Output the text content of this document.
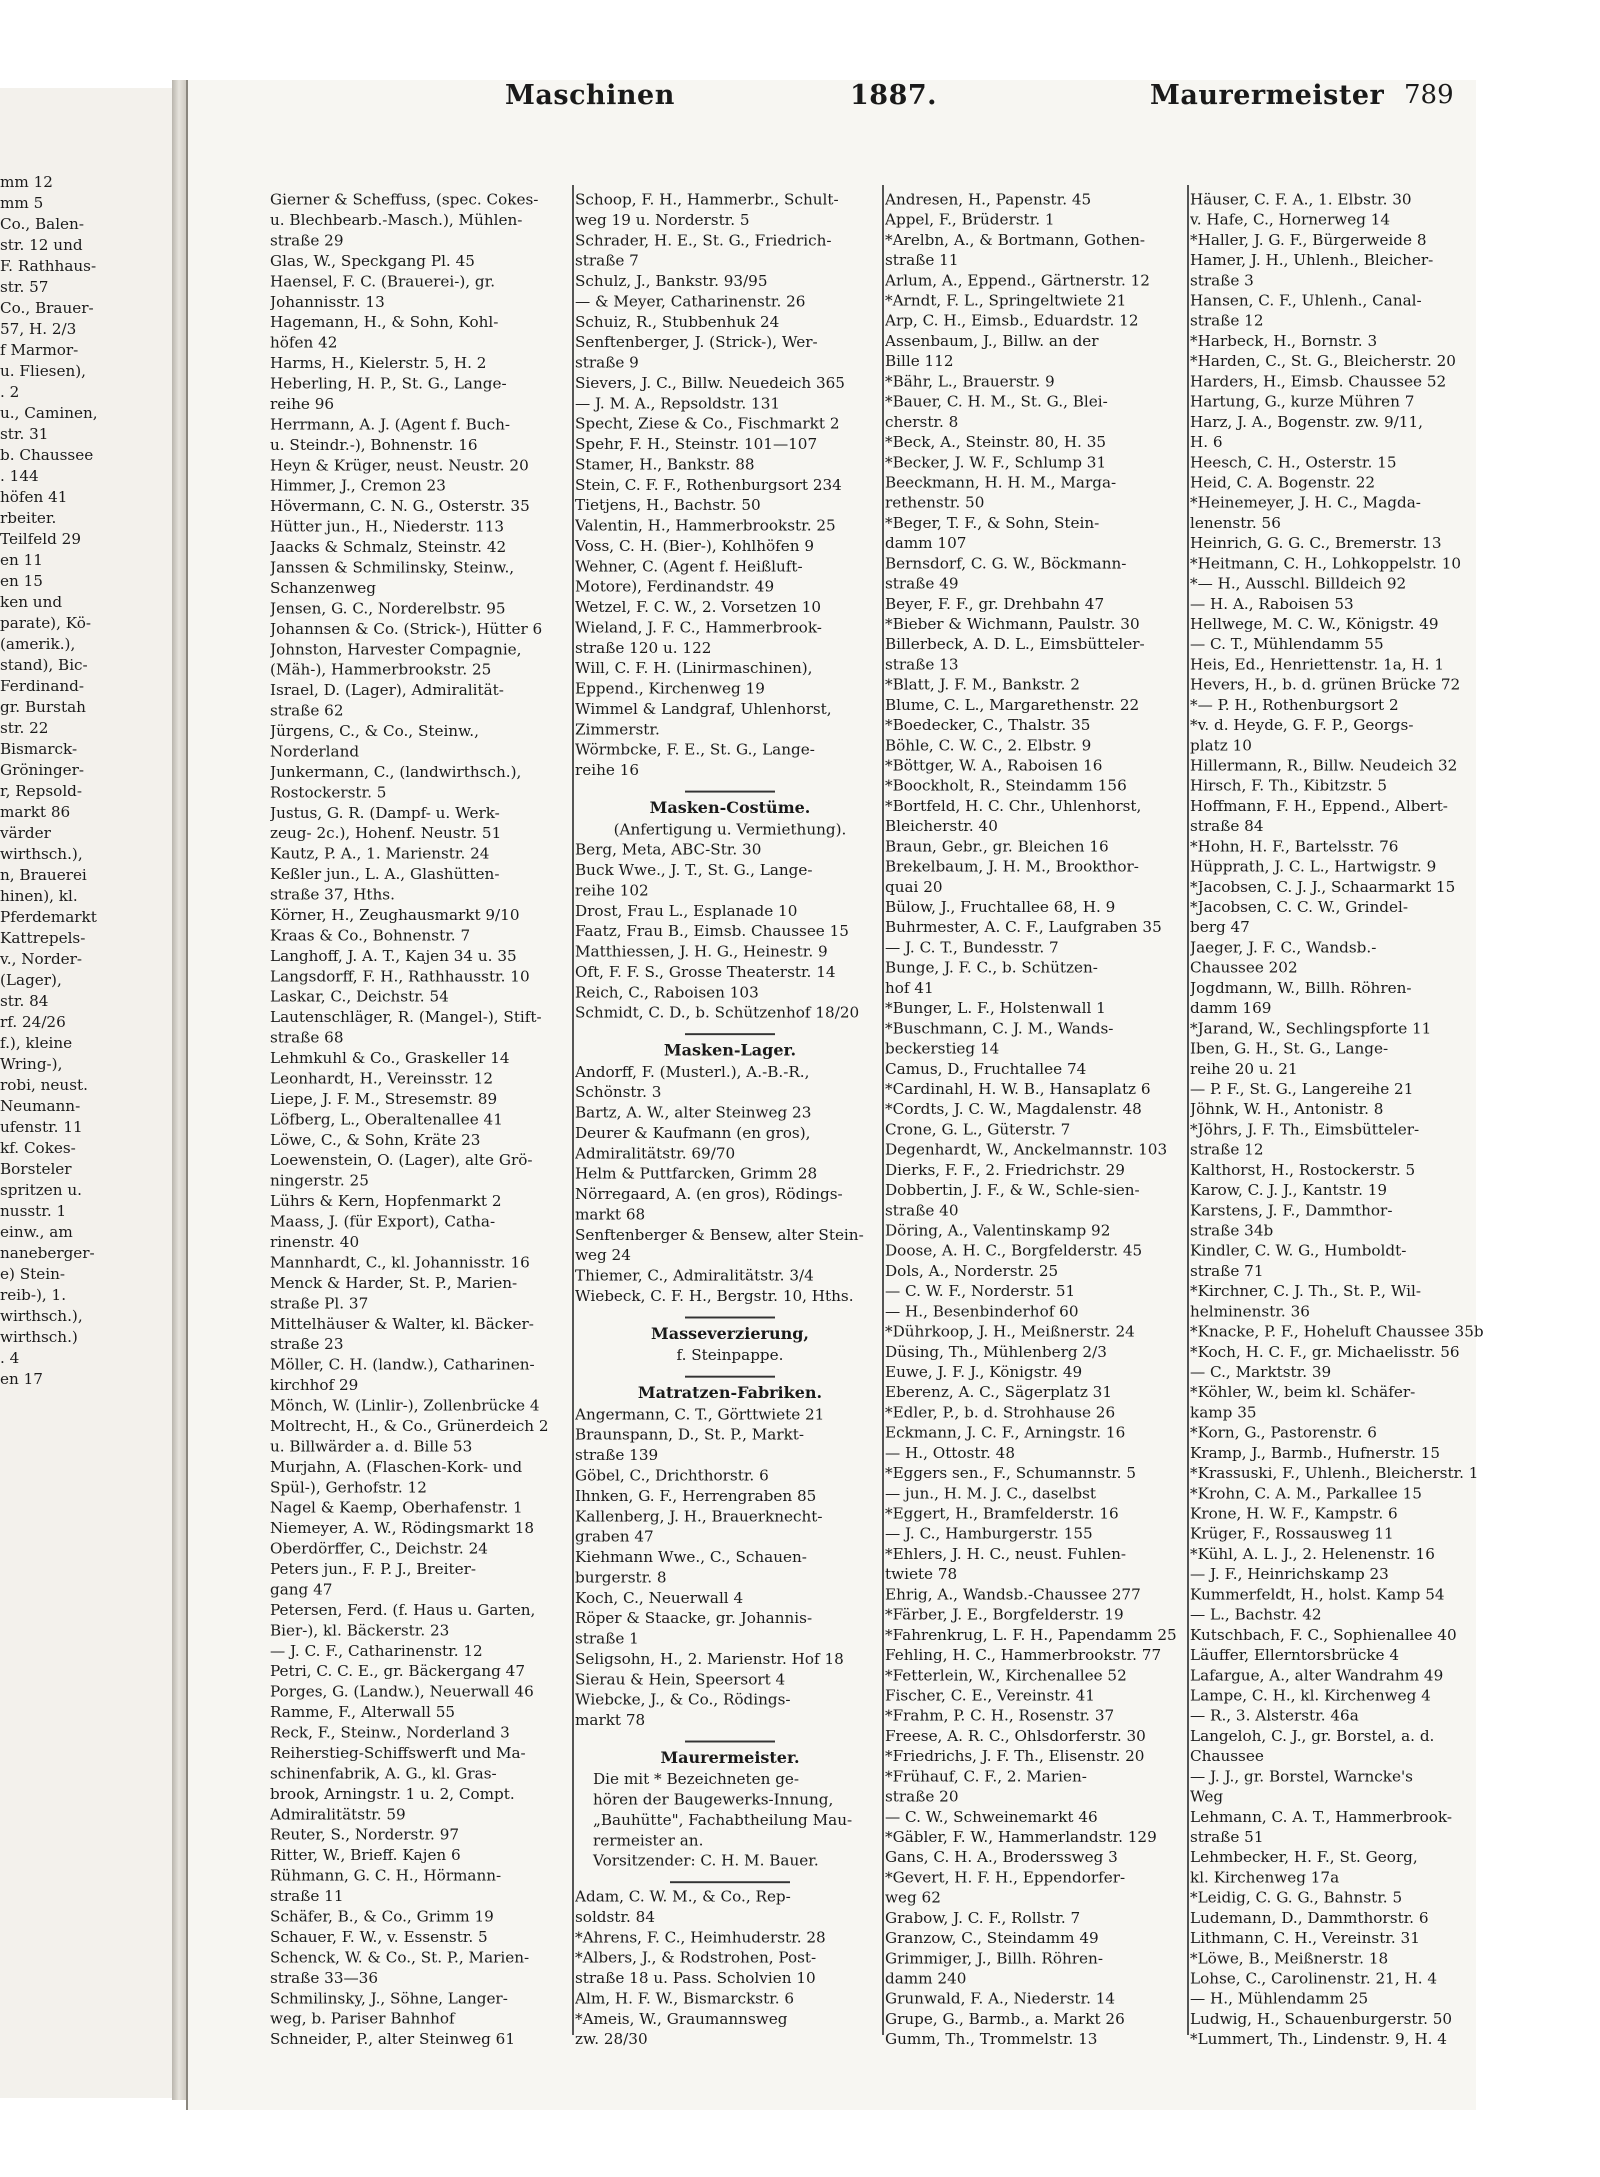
mm 12
mm 5
Co., Balen-
str. 12 und
F. Rathhaus-
str. 57
Co., Brauer-
57, H. 2/3
f Marmor-
u. Fliesen),
. 2
u., Caminen,
str. 31
b. Chaussee
. 144
höfen 41
rbeiter.
Teilfeld 29
en 11
en 15
ken und
parate), Kö-
(amerik.),
stand), Bic-
Ferdinand-
gr. Burstah
str. 22
Bismarck-
Gröninger-
r, Repsold-
markt 86
värder
wirthsch.),
n, Brauerei
hinen), kl.
Pferdemarkt
Kattrepels-
v., Norder-
(Lager),
str. 84
rf. 24/26
f.), kleine
Wring-),
robi, neust.
Neumann-
ufenstr. 11
kf. Cokes-
Borsteler
spritzen u.
nusstr. 1
einw., am
naneberger-
e) Stein-
reib-), 1.
wirthsch.),
wirthsch.)
. 4
en 17
Maschinen	1887.	Maurermeister 789
Gierner & Scheffuss, (spec. Cokes-
u. Blechbearb.-Masch.), Mühlen-
straße 29
Glas, W., Speckgang Pl. 45
Haensel, F. C. (Brauerei-), gr.
Johannisstr. 13
Hagemann, H., & Sohn, Kohl-
höfen 42
Harms, H., Kielerstr. 5, H. 2
Heberling, H. P., St. G., Lange-
reihe 96
Herrmann, A. J. (Agent f. Buch-
u. Steindr.-), Bohnenstr. 16
Heyn & Krüger, neust. Neustr. 20
Himmer, J., Cremon 23
Hövermann, C. N. G., Osterstr. 35
Hütter jun., H., Niederstr. 113
Jaacks & Schmalz, Steinstr. 42
Janssen & Schmilinsky, Steinw.,
Schanzenweg
Jensen, G. C., Norderelbstr. 95
Johannsen & Co. (Strick-), Hütter 6
Johnston, Harvester Compagnie,
(Mäh-), Hammerbrookstr. 25
Israel, D. (Lager), Admiralität-
straße 62
Jürgens, C., & Co., Steinw.,
Norderland
Junkermann, C., (landwirthsch.),
Rostockerstr. 5
Justus, G. R. (Dampf- u. Werk-
zeug- 2c.), Hohenf. Neustr. 51
Kautz, P. A., 1. Marienstr. 24
Keßler jun., L. A., Glashütten-
straße 37, Hths.
Körner, H., Zeughausmarkt 9/10
Kraas & Co., Bohnenstr. 7
Langhoff, J. A. T., Kajen 34 u. 35
Langsdorff, F. H., Rathhausstr. 10
Laskar, C., Deichstr. 54
Lautenschläger, R. (Mangel-), Stift-
straße 68
Lehmkuhl & Co., Graskeller 14
Leonhardt, H., Vereinsstr. 12
Liepe, J. F. M., Stresemstr. 89
Löfberg, L., Oberaltenallee 41
Löwe, C., & Sohn, Kräte 23
Loewenstein, O. (Lager), alte Grö-
ningerstr. 25
Lührs & Kern, Hopfenmarkt 2
Maass, J. (für Export), Catha-
rinenstr. 40
Mannhardt, C., kl. Johannisstr. 16
Menck & Harder, St. P., Marien-
straße Pl. 37
Mittelhäuser & Walter, kl. Bäcker-
straße 23
Möller, C. H. (landw.), Catharinen-
kirchhof 29
Mönch, W. (Linlir-), Zollenbrücke 4
Moltrecht, H., & Co., Grünerdeich 2
u. Billwärder a. d. Bille 53
Murjahn, A. (Flaschen-Kork- und
Spül-), Gerhofstr. 12
Nagel & Kaemp, Oberhafenstr. 1
Niemeyer, A. W., Rödingsmarkt 18
Oberdörffer, C., Deichstr. 24
Peters jun., F. P. J., Breiter-
gang 47
Petersen, Ferd. (f. Haus u. Garten,
Bier-), kl. Bäckerstr. 23
— J. C. F., Catharinenstr. 12
Petri, C. C. E., gr. Bäckergang 47
Porges, G. (Landw.), Neuerwall 46
Ramme, F., Alterwall 55
Reck, F., Steinw., Norderland 3
Reiherstieg-Schiffswerft und Ma-
schinenfabrik, A. G., kl. Gras-
brook, Arningstr. 1 u. 2, Compt.
Admiralitätstr. 59
Reuter, S., Norderstr. 97
Ritter, W., Brieff. Kajen 6
Rühmann, G. C. H., Hörmann-
straße 11
Schäfer, B., & Co., Grimm 19
Schauer, F. W., v. Essenstr. 5
Schenck, W. & Co., St. P., Marien-
straße 33—36
Schmilinsky, J., Söhne, Langer-
weg, b. Pariser Bahnhof
Schneider, P., alter Steinweg 61
Schoop, F. H., Hammerbr., Schult-
weg 19 u. Norderstr. 5
Schrader, H. E., St. G., Friedrich-
straße 7
Schulz, J., Bankstr. 93/95
— & Meyer, Catharinenstr. 26
Schuiz, R., Stubbenhuk 24
Senftenberger, J. (Strick-), Wer-
straße 9
Sievers, J. C., Billw. Neuedeich 365
— J. M. A., Repsoldstr. 131
Specht, Ziese & Co., Fischmarkt 2
Spehr, F. H., Steinstr. 101—107
Stamer, H., Bankstr. 88
Stein, C. F. F., Rothenburgsort 234
Tietjens, H., Bachstr. 50
Valentin, H., Hammerbrookstr. 25
Voss, C. H. (Bier-), Kohlhöfen 9
Wehner, C. (Agent f. Heißluft-
Motore), Ferdinandstr. 49
Wetzel, F. C. W., 2. Vorsetzen 10
Wieland, J. F. C., Hammerbrook-
straße 120 u. 122
Will, C. F. H. (Linirmaschinen),
Eppend., Kirchenweg 19
Wimmel & Landgraf, Uhlenhorst,
Zimmerstr.
Wörmbcke, F. E., St. G., Lange-
reihe 16
Masken-Costüme.
(Anfertigung u. Vermiethung).
Berg, Meta, ABC-Str. 30
Buck Wwe., J. T., St. G., Lange-
reihe 102
Drost, Frau L., Esplanade 10
Faatz, Frau B., Eimsb. Chaussee 15
Matthiessen, J. H. G., Heinestr. 9
Oft, F. F. S., Grosse Theaterstr. 14
Reich, C., Raboisen 103
Schmidt, C. D., b. Schützenhof 18/20
Masken-Lager.
Andorff, F. (Musterl.), A.-B.-R.,
Schönstr. 3
Bartz, A. W., alter Steinweg 23
Deurer & Kaufmann (en gros),
Admiralitätstr. 69/70
Helm & Puttfarcken, Grimm 28
Nörregaard, A. (en gros), Rödings-
markt 68
Senftenberger & Bensew, alter Stein-
weg 24
Thiemer, C., Admiralitätstr. 3/4
Wiebeck, C. F. H., Bergstr. 10, Hths.
Masseverzierung,
f. Steinpappe.
Matratzen-Fabriken.
Angermann, C. T., Görttwiete 21
Braunspann, D., St. P., Markt-
straße 139
Göbel, C., Drichthorstr. 6
Ihnken, G. F., Herrengraben 85
Kallenberg, J. H., Brauerknecht-
graben 47
Kiehmann Wwe., C., Schauen-
burgerstr. 8
Koch, C., Neuerwall 4
Röper & Staacke, gr. Johannis-
straße 1
Seligsohn, H., 2. Marienstr. Hof 18
Sierau & Hein, Speersort 4
Wiebcke, J., & Co., Rödings-
markt 78
Maurermeister.
Die mit * Bezeichneten ge-
hören der Baugewerks-Innung,
„Bauhütte", Fachabtheilung Mau-
rermeister an.
Vorsitzender: C. H. M. Bauer.
Adam, C. W. M., & Co., Rep-
soldstr. 84
*Ahrens, F. C., Heimhuderstr. 28
*Albers, J., & Rodstrohen, Post-
straße 18 u. Pass. Scholvien 10
Alm, H. F. W., Bismarckstr. 6
*Ameis, W., Graumannsweg
zw. 28/30
Andresen, H., Papenstr. 45
Appel, F., Brüderstr. 1
*Arelbn, A., & Bortmann, Gothen-
straße 11
Arlum, A., Eppend., Gärtnerstr. 12
*Arndt, F. L., Springeltwiete 21
Arp, C. H., Eimsb., Eduardstr. 12
Assenbaum, J., Billw. an der
Bille 112
*Bähr, L., Brauerstr. 9
*Bauer, C. H. M., St. G., Blei-
cherstr. 8
*Beck, A., Steinstr. 80, H. 35
*Becker, J. W. F., Schlump 31
Beeckmann, H. H. M., Marga-
rethenstr. 50
*Beger, T. F., & Sohn, Stein-
damm 107
Bernsdorf, C. G. W., Böckmann-
straße 49
Beyer, F. F., gr. Drehbahn 47
*Bieber & Wichmann, Paulstr. 30
Billerbeck, A. D. L., Eimsbütteler-
straße 13
*Blatt, J. F. M., Bankstr. 2
Blume, C. L., Margarethenstr. 22
*Boedecker, C., Thalstr. 35
Böhle, C. W. C., 2. Elbstr. 9
*Böttger, W. A., Raboisen 16
*Boockholt, R., Steindamm 156
*Bortfeld, H. C. Chr., Uhlenhorst,
Bleicherstr. 40
Braun, Gebr., gr. Bleichen 16
Brekelbaum, J. H. M., Brookthor-
quai 20
Bülow, J., Fruchtallee 68, H. 9
Buhrmester, A. C. F., Laufgraben 35
— J. C. T., Bundesstr. 7
Bunge, J. F. C., b. Schützen-
hof 41
*Bunger, L. F., Holstenwall 1
*Buschmann, C. J. M., Wands-
beckerstieg 14
Camus, D., Fruchtallee 74
*Cardinahl, H. W. B., Hansaplatz 6
*Cordts, J. C. W., Magdalenstr. 48
Crone, G. L., Güterstr. 7
Degenhardt, W., Anckelmannstr. 103
Dierks, F. F., 2. Friedrichstr. 29
Dobbertin, J. F., & W., Schle-sien-
straße 40
Döring, A., Valentinskamp 92
Doose, A. H. C., Borgfelderstr. 45
Dols, A., Norderstr. 25
— C. W. F., Norderstr. 51
— H., Besenbinderhof 60
*Dührkoop, J. H., Meißnerstr. 24
Düsing, Th., Mühlenberg 2/3
Euwe, J. F. J., Königstr. 49
Eberenz, A. C., Sägerplatz 31
*Edler, P., b. d. Strohhause 26
Eckmann, J. C. F., Arningstr. 16
— H., Ottostr. 48
*Eggers sen., F., Schumannstr. 5
— jun., H. M. J. C., daselbst
*Eggert, H., Bramfelderstr. 16
— J. C., Hamburgerstr. 155
*Ehlers, J. H. C., neust. Fuhlen-
twiete 78
Ehrig, A., Wandsb.-Chaussee 277
*Färber, J. E., Borgfelderstr. 19
*Fahrenkrug, L. F. H., Papendamm 25
Fehling, H. C., Hammerbrookstr. 77
*Fetterlein, W., Kirchenallee 52
Fischer, C. E., Vereinstr. 41
*Frahm, P. C. H., Rosenstr. 37
Freese, A. R. C., Ohlsdorferstr. 30
*Friedrichs, J. F. Th., Elisenstr. 20
*Frühauf, C. F., 2. Marien-
straße 20
— C. W., Schweinemarkt 46
*Gäbler, F. W., Hammerlandstr. 129
Gans, C. H. A., Broderssweg 3
*Gevert, H. F. H., Eppendorfer-
weg 62
Grabow, J. C. F., Rollstr. 7
Granzow, C., Steindamm 49
Grimmiger, J., Billh. Röhren-
damm 240
Grunwald, F. A., Niederstr. 14
Grupe, G., Barmb., a. Markt 26
Gumm, Th., Trommelstr. 13
Häuser, C. F. A., 1. Elbstr. 30
v. Hafe, C., Hornerweg 14
*Haller, J. G. F., Bürgerweide 8
Hamer, J. H., Uhlenh., Bleicher-
straße 3
Hansen, C. F., Uhlenh., Canal-
straße 12
*Harbeck, H., Bornstr. 3
*Harden, C., St. G., Bleicherstr. 20
Harders, H., Eimsb. Chaussee 52
Hartung, G., kurze Mühren 7
Harz, J. A., Bogenstr. zw. 9/11,
H. 6
Heesch, C. H., Osterstr. 15
Heid, C. A. Bogenstr. 22
*Heinemeyer, J. H. C., Magda-
lenenstr. 56
Heinrich, G. G. C., Bremerstr. 13
*Heitmann, C. H., Lohkoppelstr. 10
*— H., Ausschl. Billdeich 92
— H. A., Raboisen 53
Hellwege, M. C. W., Königstr. 49
— C. T., Mühlendamm 55
Heis, Ed., Henriettenstr. 1a, H. 1
Hevers, H., b. d. grünen Brücke 72
*— P. H., Rothenburgsort 2
*v. d. Heyde, G. F. P., Georgs-
platz 10
Hillermann, R., Billw. Neudeich 32
Hirsch, F. Th., Kibitzstr. 5
Hoffmann, F. H., Eppend., Albert-
straße 84
*Hohn, H. F., Bartelsstr. 76
Hüpprath, J. C. L., Hartwigstr. 9
*Jacobsen, C. J. J., Schaarmarkt 15
*Jacobsen, C. C. W., Grindel-
berg 47
Jaeger, J. F. C., Wandsb.-
Chaussee 202
Jogdmann, W., Billh. Röhren-
damm 169
*Jarand, W., Sechlingspforte 11
Iben, G. H., St. G., Lange-
reihe 20 u. 21
— P. F., St. G., Langereihe 21
Jöhnk, W. H., Antonistr. 8
*Jöhrs, J. F. Th., Eimsbütteler-
straße 12
Kalthorst, H., Rostockerstr. 5
Karow, C. J. J., Kantstr. 19
Karstens, J. F., Dammthor-
straße 34b
Kindler, C. W. G., Humboldt-
straße 71
*Kirchner, C. J. Th., St. P., Wil-
helminenstr. 36
*Knacke, P. F., Hoheluft Chaussee 35b
*Koch, H. C. F., gr. Michaelisstr. 56
— C., Marktstr. 39
*Köhler, W., beim kl. Schäfer-
kamp 35
*Korn, G., Pastorenstr. 6
Kramp, J., Barmb., Hufnerstr. 15
*Krassuski, F., Uhlenh., Bleicherstr. 1
*Krohn, C. A. M., Parkallee 15
Krone, H. W. F., Kampstr. 6
Krüger, F., Rossausweg 11
*Kühl, A. L. J., 2. Helenenstr. 16
— J. F., Heinrichskamp 23
Kummerfeldt, H., holst. Kamp 54
— L., Bachstr. 42
Kutschbach, F. C., Sophienallee 40
Läuffer, Ellerntorsbrücke 4
Lafargue, A., alter Wandrahm 49
Lampe, C. H., kl. Kirchenweg 4
— R., 3. Alsterstr. 46a
Langeloh, C. J., gr. Borstel, a. d.
Chaussee
— J. J., gr. Borstel, Warncke's
Weg
Lehmann, C. A. T., Hammerbrook-
straße 51
Lehmbecker, H. F., St. Georg,
kl. Kirchenweg 17a
*Leidig, C. G. G., Bahnstr. 5
Ludemann, D., Dammthorstr. 6
Lithmann, C. H., Vereinstr. 31
*Löwe, B., Meißnerstr. 18
Lohse, C., Carolinenstr. 21, H. 4
— H., Mühlendamm 25
Ludwig, H., Schauenburgerstr. 50
*Lummert, Th., Lindenstr. 9, H. 4
